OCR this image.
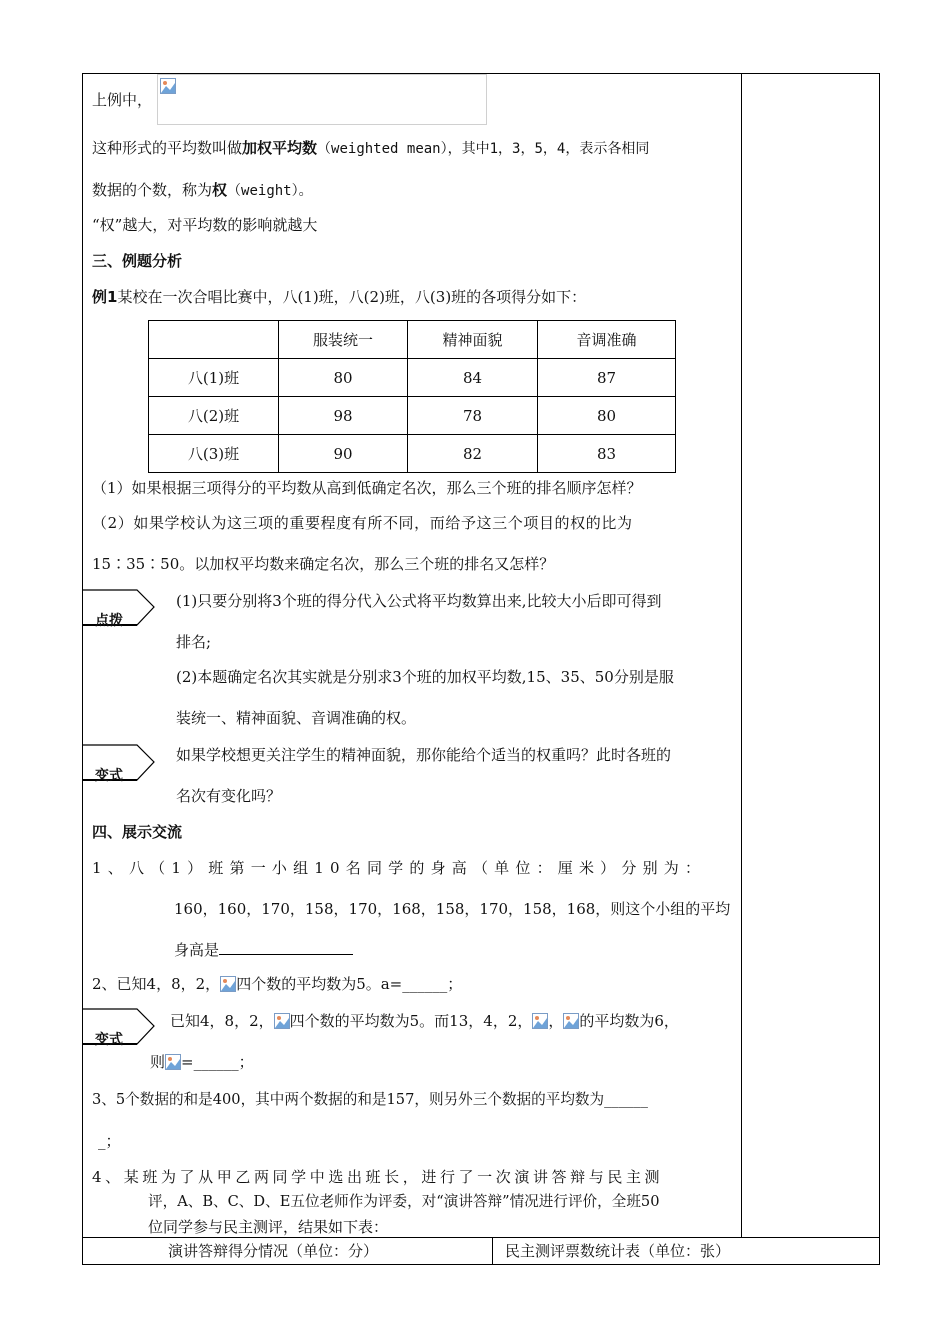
上例中，
这种形式的平均数叫做加权平均数（weighted mean），其中1，3，5，4，表示各相同
数据的个数，称为权（weight）。
“权”越大，对平均数的影响就越大
三、例题分析
例1某校在一次合唱比赛中，八(1)班，八(2)班，八(3)班的各项得分如下：
	服装统一	精神面貌	音调准确
八(1)班	80	84	87
八(2)班	98	78	80
八(3)班	90	82	83
（1）如果根据三项得分的平均数从高到低确定名次，那么三个班的排名顺序怎样？
（2）如果学校认为这三项的重要程度有所不同，而给予这三个项目的权的比为
15∶35∶50。以加权平均数来确定名次，那么三个班的排名又怎样？
点拨
(1)只要分别将3个班的得分代入公式将平均数算出来,比较大小后即可得到
排名;
(2)本题确定名次其实就是分别求3个班的加权平均数,15、35、50分别是服
装统一、精神面貌、音调准确的权。
变式
如果学校想更关注学生的精神面貌，那你能给个适当的权重吗？此时各班的
名次有变化吗？
四、展示交流
1、八（1）班第一小组10名同学的身高（单位：厘米）分别为：
160，160，170，158，170，168，158，170，158，168，则这个小组的平均
身高是
2、已知4，8，2， 四个数的平均数为5。a=______；
变式
已知4，8，2， 四个数的平均数为5。而13，4，2， ， 的平均数为6，
则 =______；
3、5个数据的和是400，其中两个数据的和是157，则另外三个数据的平均数为______
_；
4、某班为了从甲乙两同学中选出班长，进行了一次演讲答辩与民主测
评，A、B、C、D、E五位老师作为评委，对“演讲答辩”情况进行评价，全班50
位同学参与民主测评，结果如下表：
演讲答辩得分情况（单位：分）	民主测评票数统计表（单位：张）
